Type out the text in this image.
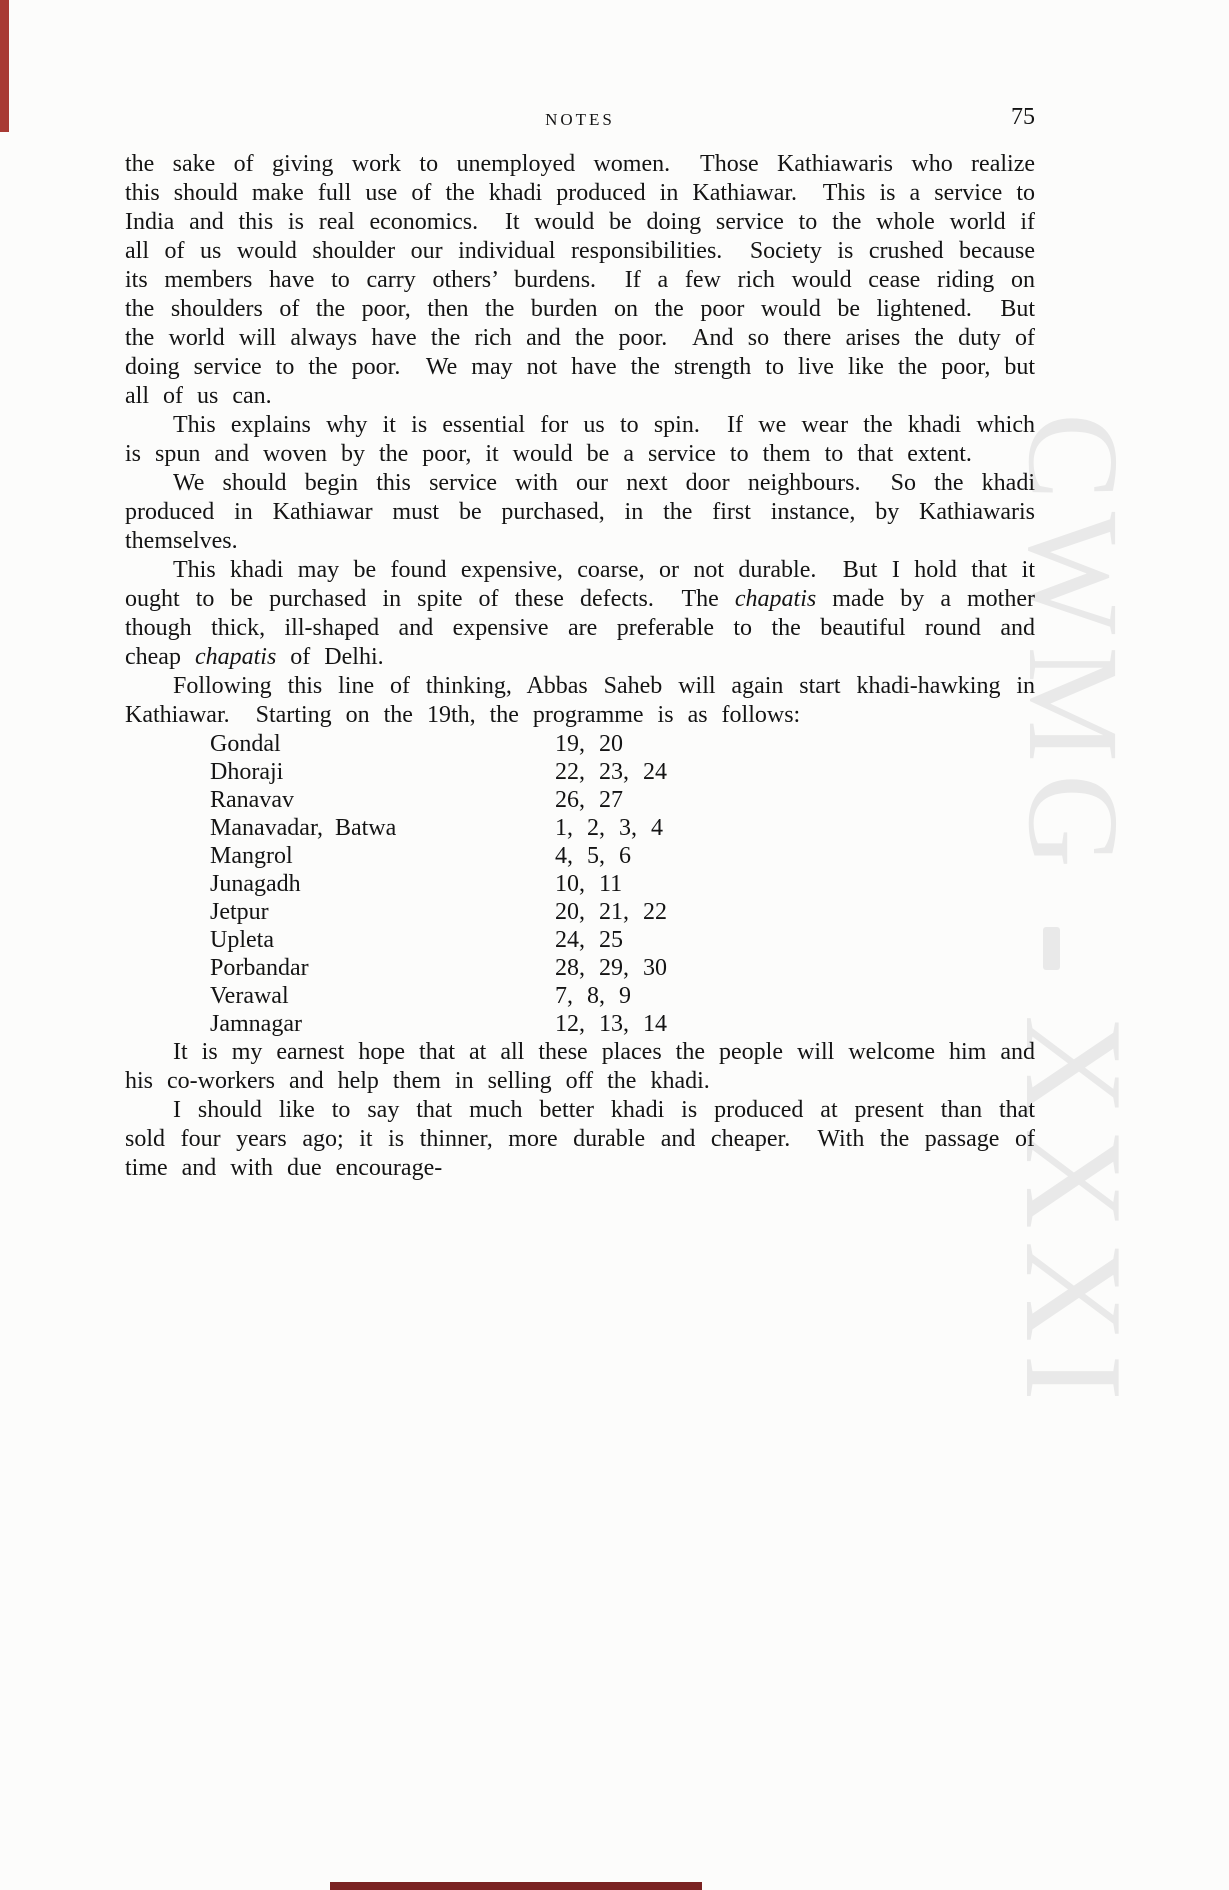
CWMG
XXXI
NOTES	75

the sake of giving work to unemployed women.  Those Kathiawaris who realize this should make full use of the khadi produced in Kathiawar.  This is a service to India and this is real economics.  It would be doing service to the whole world if all of us would shoulder our individual responsibilities.  Society is crushed because its members have to carry others’ burdens.  If a few rich would cease riding on the shoulders of the poor, then the burden on the poor would be lightened.  But the world will always have the rich and the poor.  And so there arises the duty of doing service to the poor.  We may not have the strength to live like the poor, but all of us can.

This explains why it is essential for us to spin.  If we wear the khadi which is spun and woven by the poor, it would be a service to them to that extent.

We should begin this service with our next door neighbours.  So the khadi produced in Kathiawar must be purchased, in the first instance, by Kathiawaris themselves.

This khadi may be found expensive, coarse, or not durable.  But I hold that it ought to be purchased in spite of these defects.  The chapatis made by a mother though thick, ill-shaped and expensive are preferable to the beautiful round and cheap chapatis of Delhi.

Following this line of thinking, Abbas Saheb will again start khadi-hawking in Kathiawar.  Starting on the 19th, the programme is as follows:

Gondal	19, 20
Dhoraji	22, 23, 24
Ranavav	26, 27
Manavadar, Batwa	1, 2, 3, 4
Mangrol	4, 5, 6
Junagadh	10, 11
Jetpur	20, 21, 22
Upleta	24, 25
Porbandar	28, 29, 30
Verawal	7, 8, 9
Jamnagar	12, 13, 14

It is my earnest hope that at all these places the people will welcome him and his co-workers and help them in selling off the khadi.

I should like to say that much better khadi is produced at present than that sold four years ago; it is thinner, more durable and cheaper.  With the passage of time and with due encourage-
